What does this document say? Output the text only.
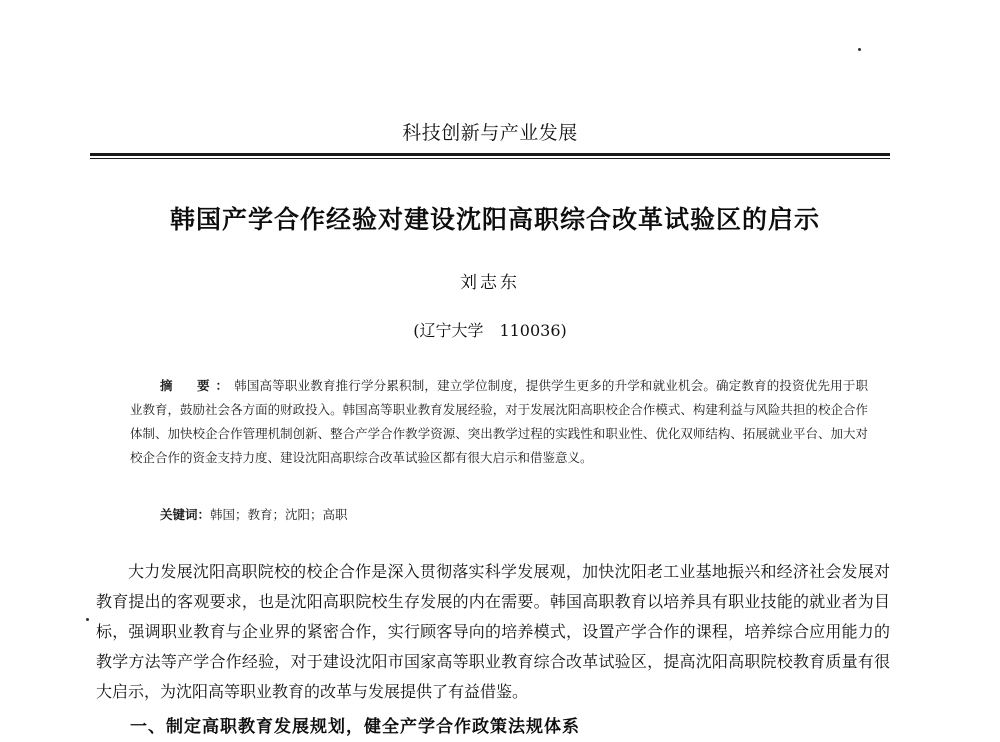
科技创新与产业发展
韩国产学合作经验对建设沈阳高职综合改革试验区的启示
刘志东
(辽宁大学　110036)

摘　要：韩国高等职业教育推行学分累积制，建立学位制度，提供学生更多的升学和就业机会。确定教育的投资优先用于职业教育，鼓励社会各方面的财政投入。韩国高等职业教育发展经验，对于发展沈阳高职校企合作模式、构建利益与风险共担的校企合作体制、加快校企合作管理机制创新、整合产学合作教学资源、突出教学过程的实践性和职业性、优化双师结构、拓展就业平台、加大对校企合作的资金支持力度、建设沈阳高职综合改革试验区都有很大启示和借鉴意义。

关键词：韩国；教育；沈阳；高职

大力发展沈阳高职院校的校企合作是深入贯彻落实科学发展观，加快沈阳老工业基地振兴和经济社会发展对教育提出的客观要求，也是沈阳高职院校生存发展的内在需要。韩国高职教育以培养具有职业技能的就业者为目标，强调职业教育与企业界的紧密合作，实行顾客导向的培养模式，设置产学合作的课程，培养综合应用能力的教学方法等产学合作经验，对于建设沈阳市国家高等职业教育综合改革试验区，提高沈阳高职院校教育质量有很大启示，为沈阳高等职业教育的改革与发展提供了有益借鉴。

一、制定高职教育发展规划，健全产学合作政策法规体系
